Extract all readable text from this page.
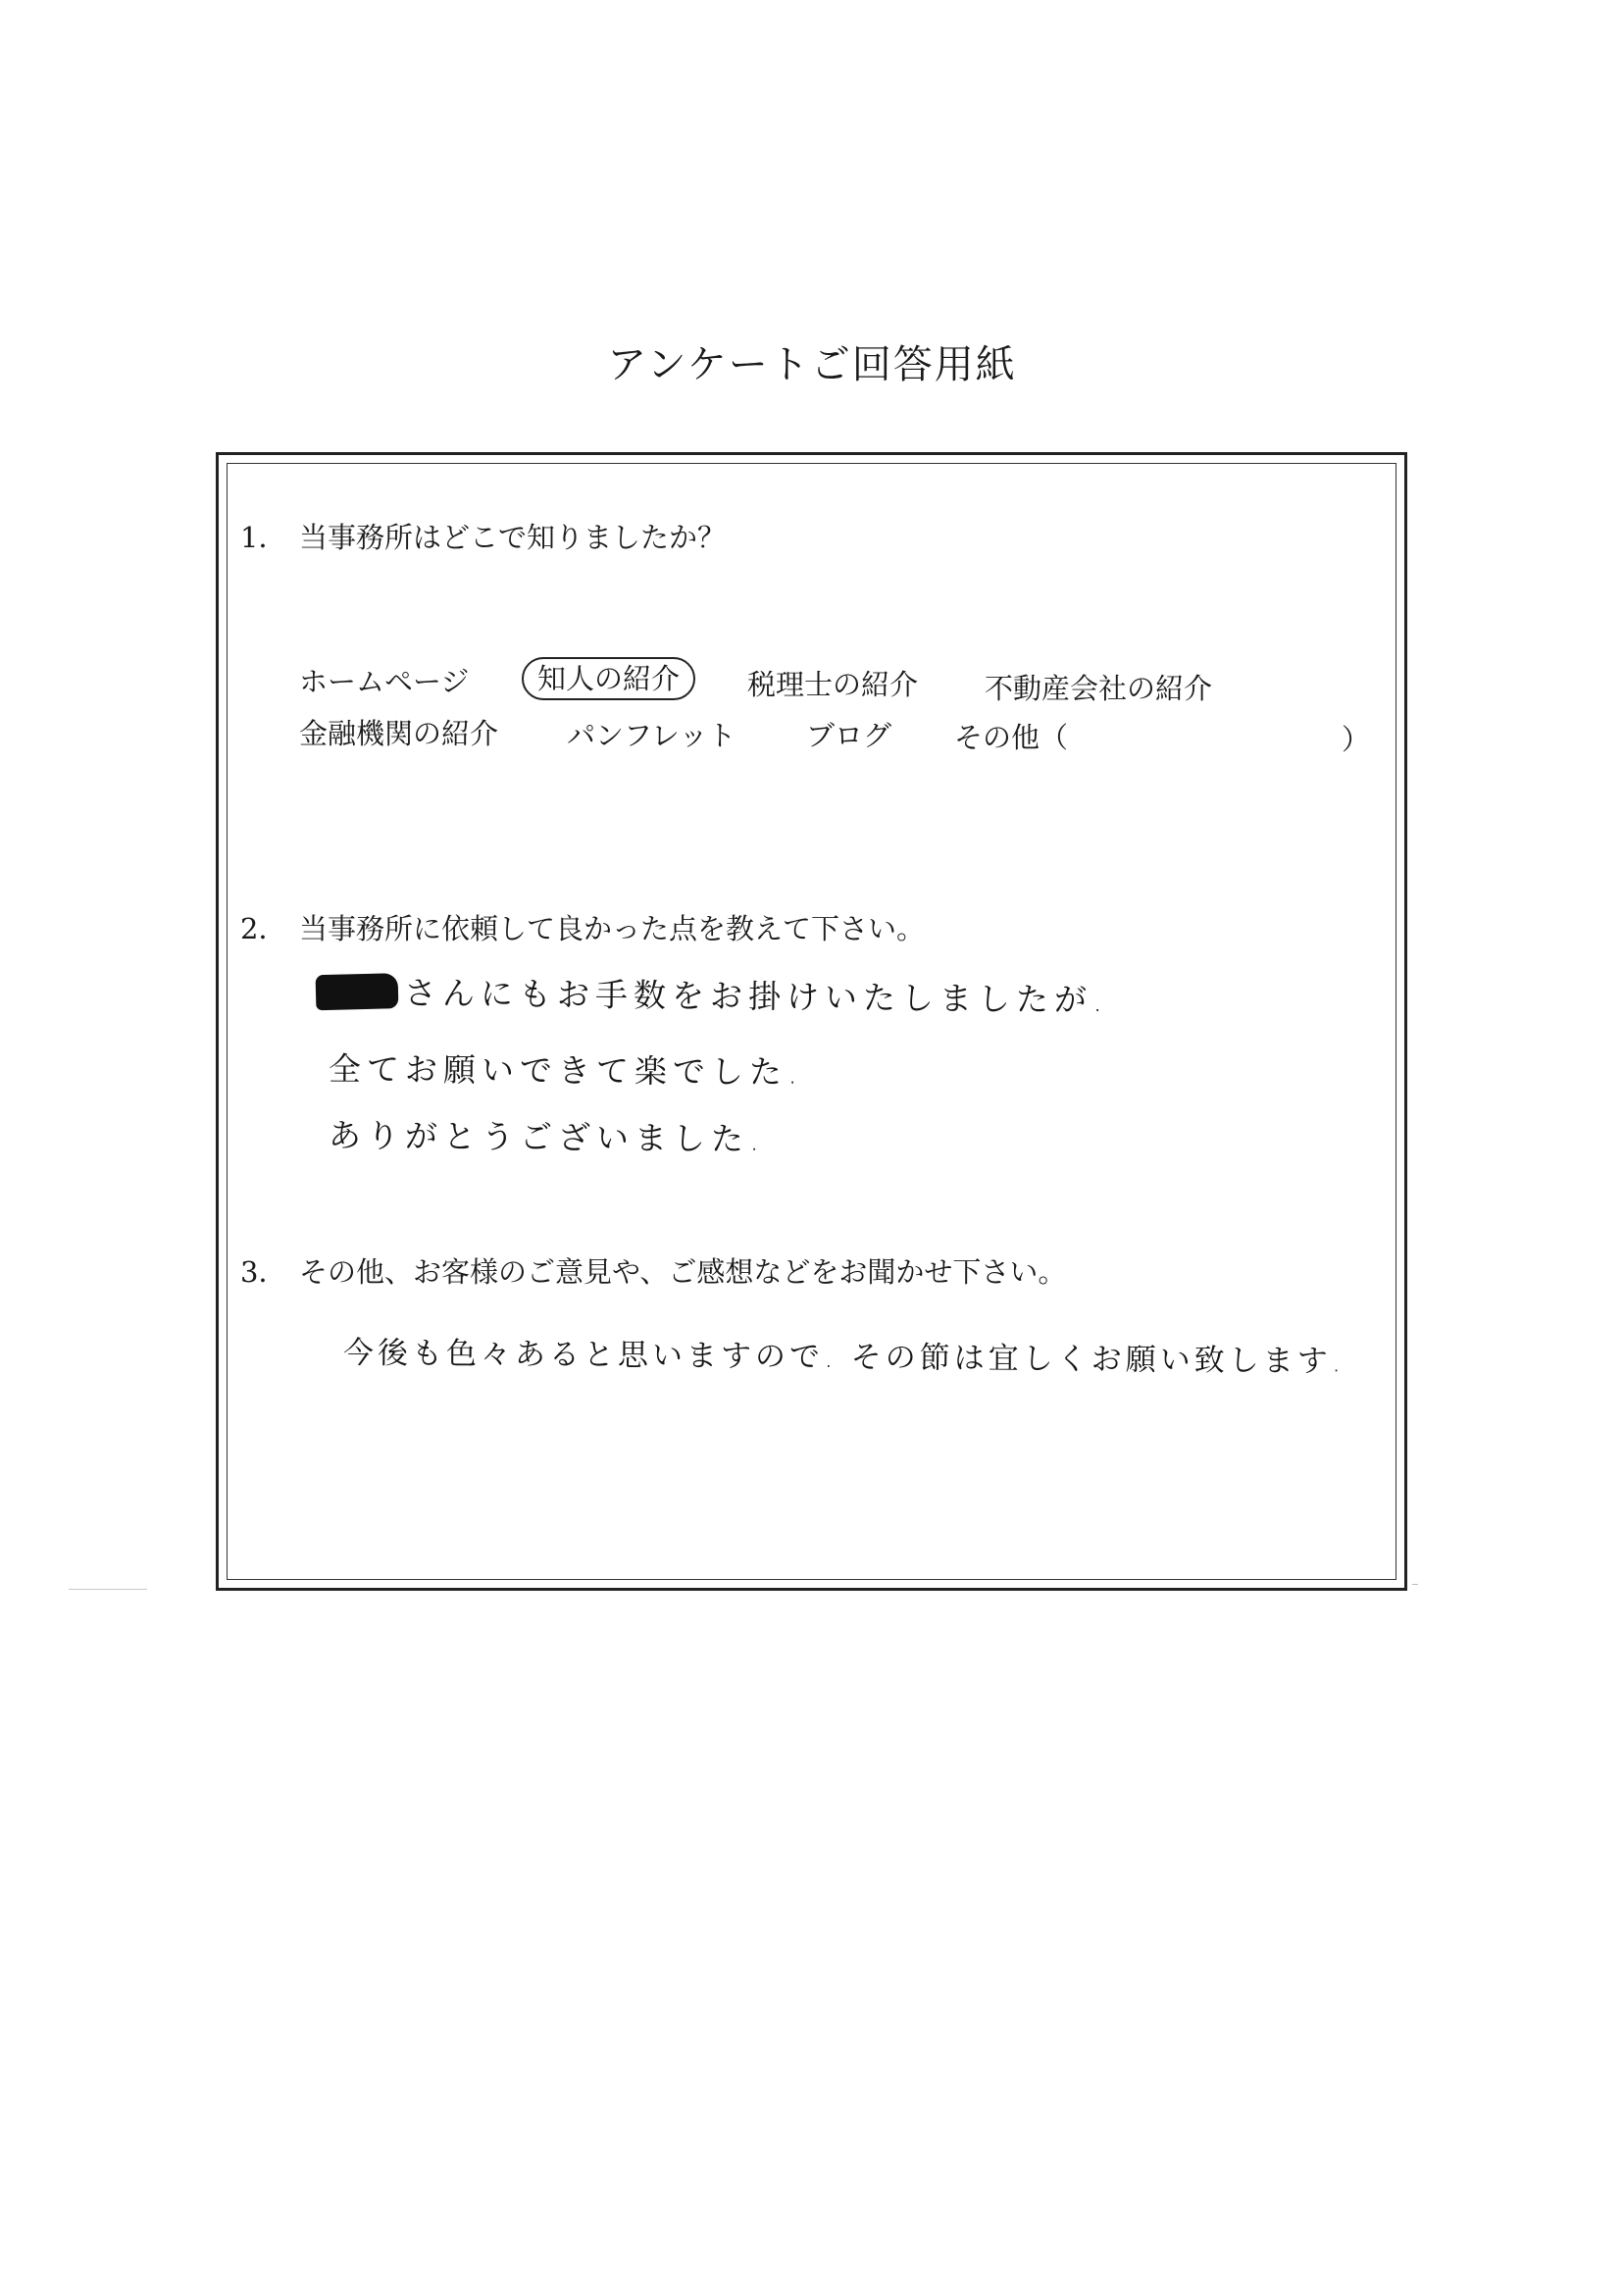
アンケートご回答用紙
1． 当事務所はどこで知りましたか？
ホームページ 知人の紹介	税理士の紹介 不動産会社の紹介
金融機関の紹介 パンフレット ブログ その他（	）
2． 当事務所に依頼して良かった点を教えて下さい。
さんにもお手数をお掛けいたしましたが.
全てお願いできて楽でした.
ありがとうございました.
3． その他、お客様のご意見や、ご感想などをお聞かせ下さい。
今後も色々あると思いますので. その節は宜しくお願い致します.
